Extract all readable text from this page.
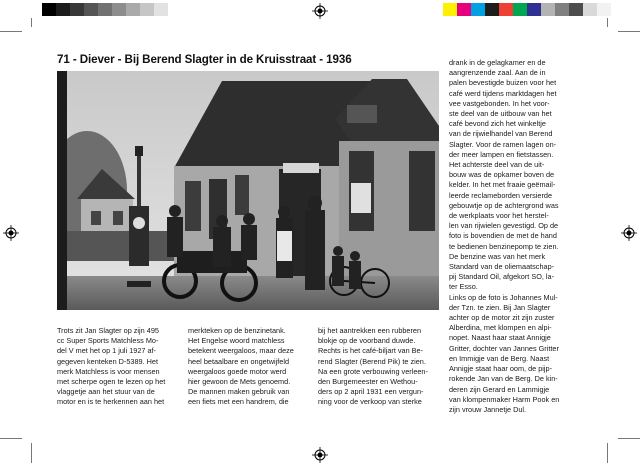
71 - Diever - Bij Berend Slagter in de Kruisstraat - 1936	drank in de gelagkamer en de
aangrenzende zaal. Aan de in
palen bevestigde buizen voor het
café werd tijdens marktdagen het
vee vastgebonden. In het voor-
ste deel van de uitbouw van het
café bevond zich het winkeltje
van de rijwielhandel van Berend
Slagter. Voor de ramen lagen on-
der meer lampen en fietstassen.
Het achterste deel van de uit-
bouw was de opkamer boven de
kelder. In het met fraaie geëmail-
leerde reclameborden versierde
gebouwtje op de achtergrond was
de werkplaats voor het herstel-
len van rijwielen gevestigd. Op de
foto is bovendien de met de hand
te bedienen benzinepomp te zien.
De benzine was van het merk
Standard van de oliemaatschap-
pij Standard Oil, afgekort SO, la-
ter Esso.
Links op de foto is Johannes Mul-
der Tzn. te zien. Bij Jan Slagter
achter op de motor zit zijn zuster
Alberdina, met klompen en alpi-
nopet. Naast haar staat Annigje
Gritter, dochter van Jannes Gritter
en Immigje van de Berg. Naast
Annigje staat haar oom, de pijp-
rokende Jan van de Berg. De kin-
deren zijn Gerard en Lammigje
van klompenmaker Harm Pook en
zijn vrouw Jannetje Dul.
Trots zit Jan Slagter op zijn 495
cc Super Sports Matchless Mo-
del V met het op 1 juli 1927 af-
gegeven kenteken D-5389. Het
merk Matchless is voor mensen
met scherpe ogen te lezen op het
vlaggetje aan het stuur van de
motor en is te herkennen aan het
merkteken op de benzinetank.
Het Engelse woord matchless
betekent weergaloos, maar deze
heel betaalbare en ongetwijfeld
weergaloos goede motor werd
hier gewoon de Mets genoemd.
De mannen maken gebruik van
een fiets met een handrem, die
bij het aantrekken een rubberen
blokje op de voorband duwde.
Rechts is het café-biljart van Be-
rend Slagter (Berend Pik) te zien.
Na een grote verbouwing verleen-
den Burgemeester en Wethou-
ders op 2 april 1931 een vergun-
ning voor de verkoop van sterke
